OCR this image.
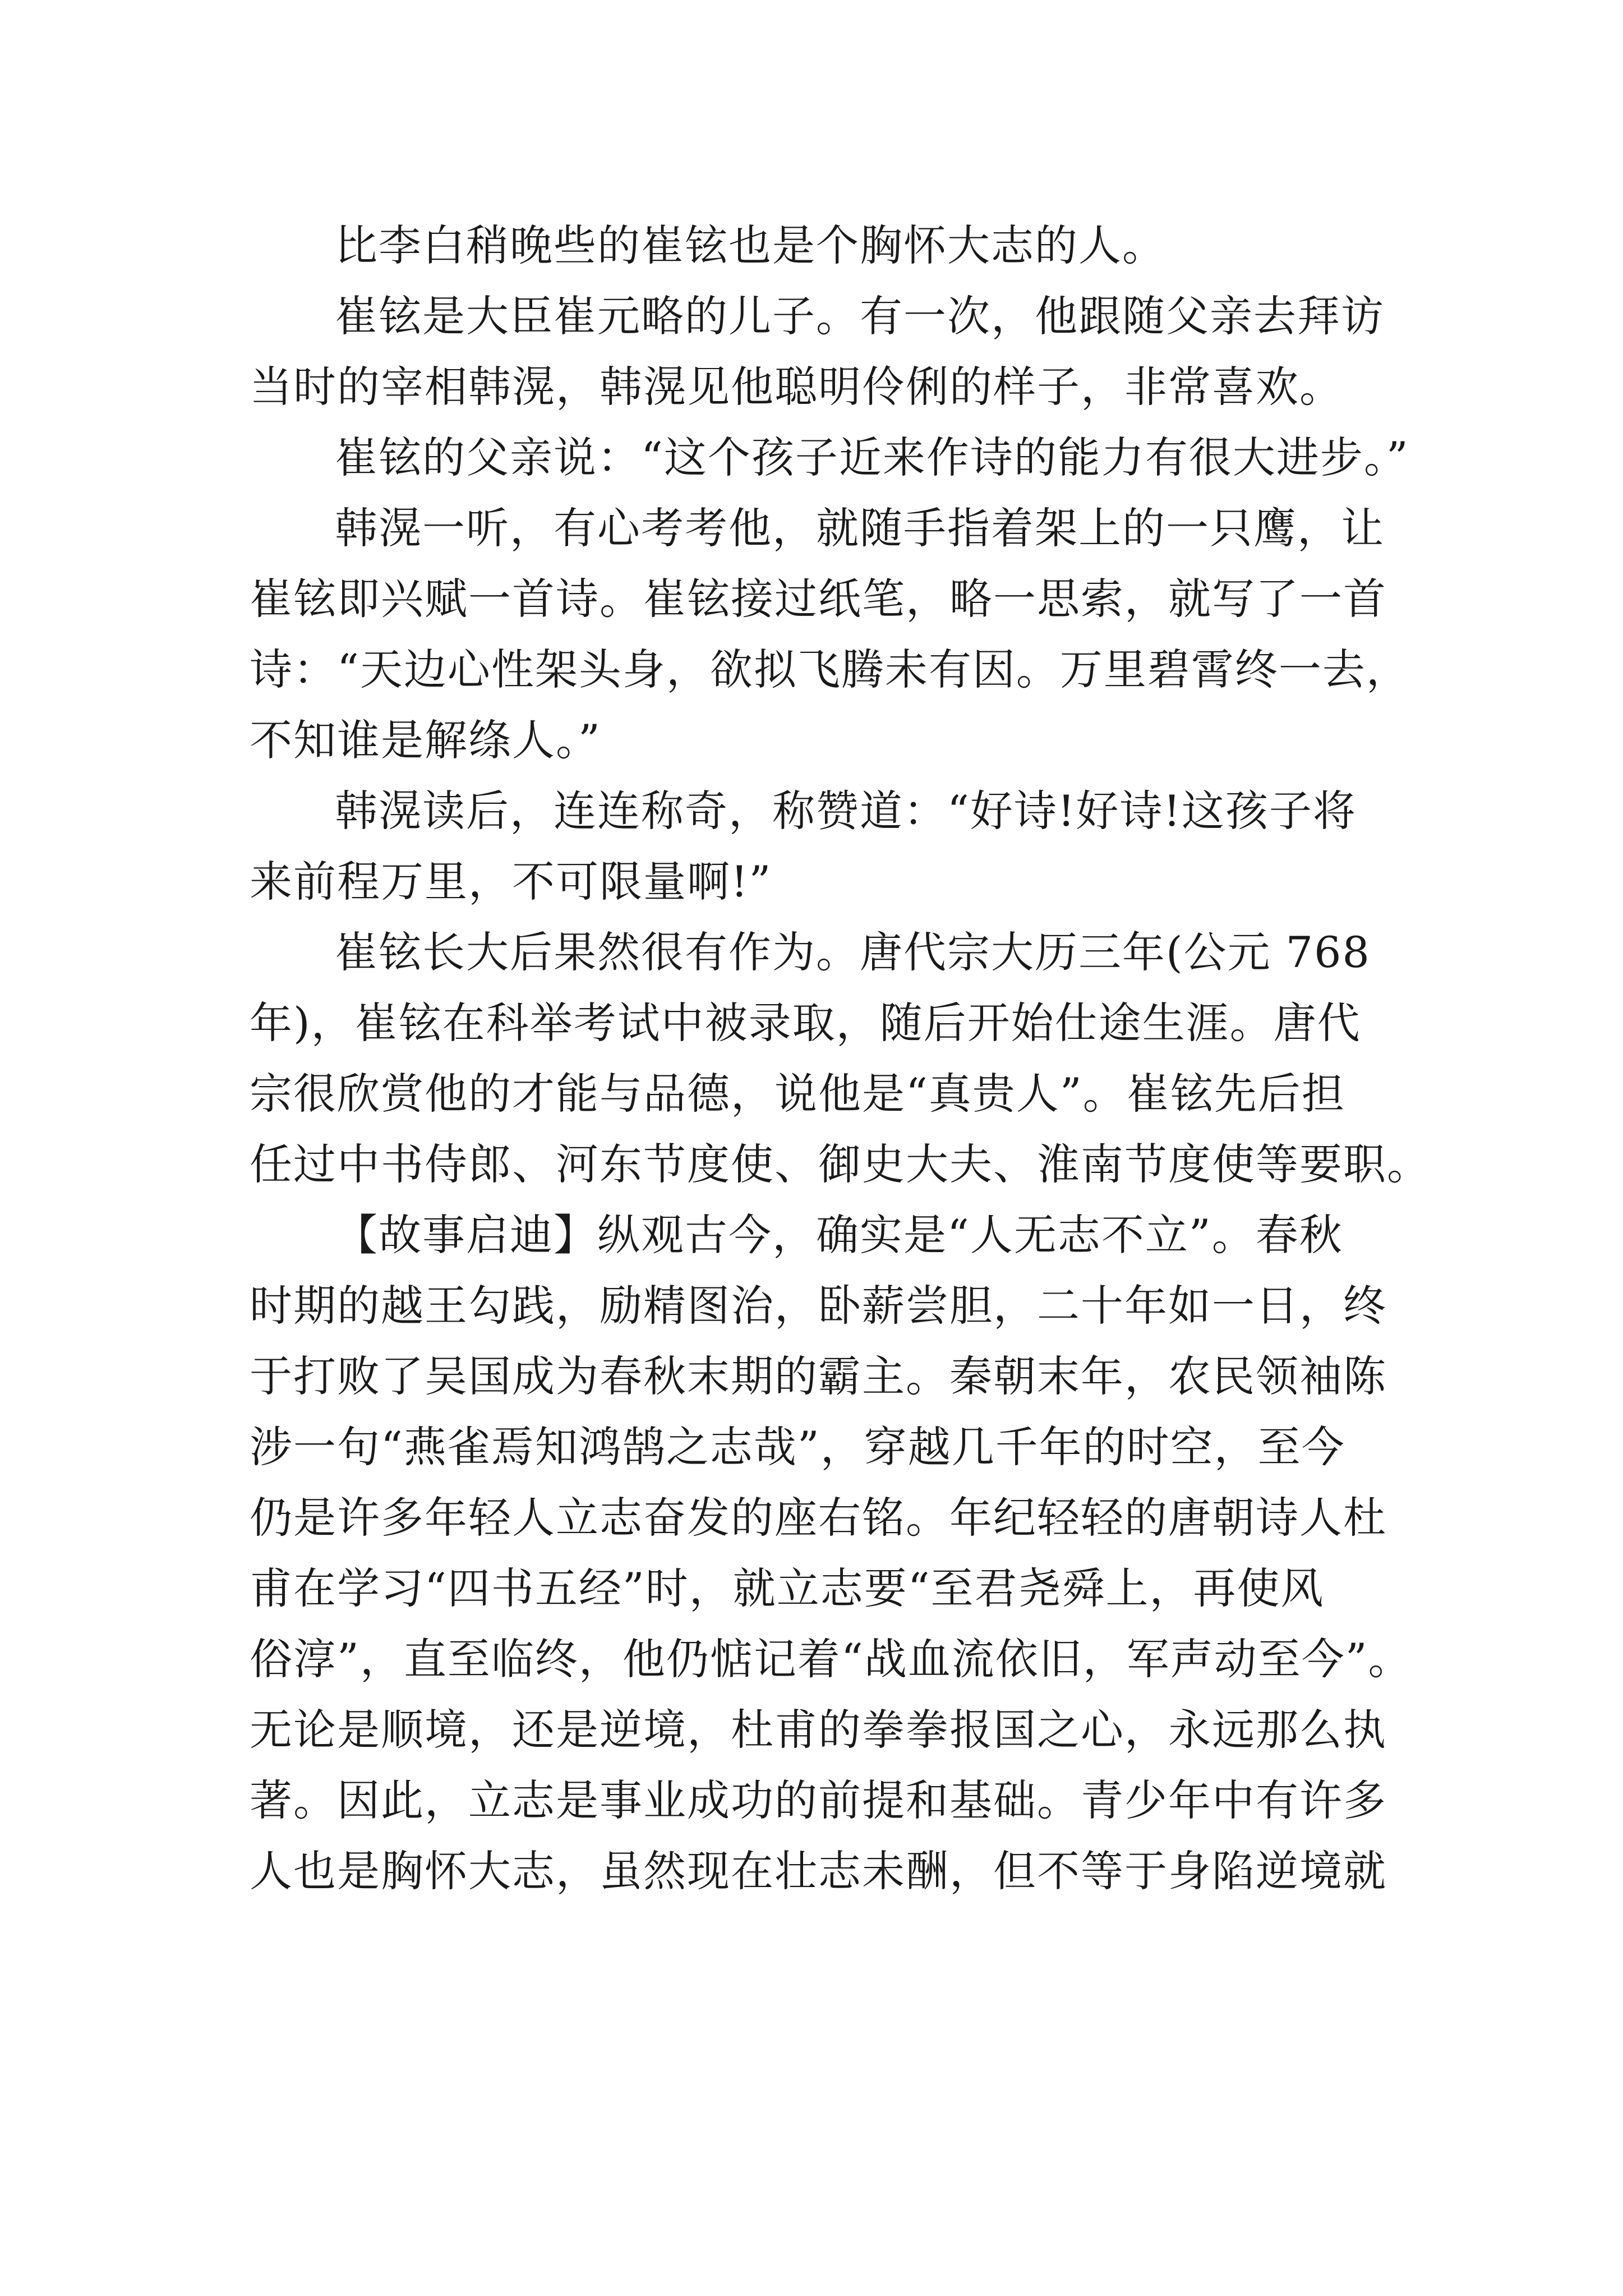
比李白稍晚些的崔铉也是个胸怀大志的人。
崔铉是大臣崔元略的儿子。有一次，他跟随父亲去拜访
当时的宰相韩滉，韩滉见他聪明伶俐的样子，非常喜欢。
崔铉的父亲说：“这个孩子近来作诗的能力有很大进步。”
韩滉一听，有心考考他，就随手指着架上的一只鹰，让
崔铉即兴赋一首诗。崔铉接过纸笔，略一思索，就写了一首
诗：“天边心性架头身，欲拟飞腾未有因。万里碧霄终一去，
不知谁是解绦人。”
韩滉读后，连连称奇，称赞道：“好诗!好诗!这孩子将
来前程万里，不可限量啊!”
崔铉长大后果然很有作为。唐代宗大历三年(公元 768
年)，崔铉在科举考试中被录取，随后开始仕途生涯。唐代
宗很欣赏他的才能与品德，说他是“真贵人”。崔铉先后担
任过中书侍郎、河东节度使、御史大夫、淮南节度使等要职。
【故事启迪】纵观古今，确实是“人无志不立”。春秋
时期的越王勾践，励精图治，卧薪尝胆，二十年如一日，终
于打败了吴国成为春秋末期的霸主。秦朝末年，农民领袖陈
涉一句“燕雀焉知鸿鹄之志哉”，穿越几千年的时空，至今
仍是许多年轻人立志奋发的座右铭。年纪轻轻的唐朝诗人杜
甫在学习“四书五经”时，就立志要“至君尧舜上，再使风
俗淳”，直至临终，他仍惦记着“战血流依旧，军声动至今”。
无论是顺境，还是逆境，杜甫的拳拳报国之心，永远那么执
著。因此，立志是事业成功的前提和基础。青少年中有许多
人也是胸怀大志，虽然现在壮志未酬，但不等于身陷逆境就
